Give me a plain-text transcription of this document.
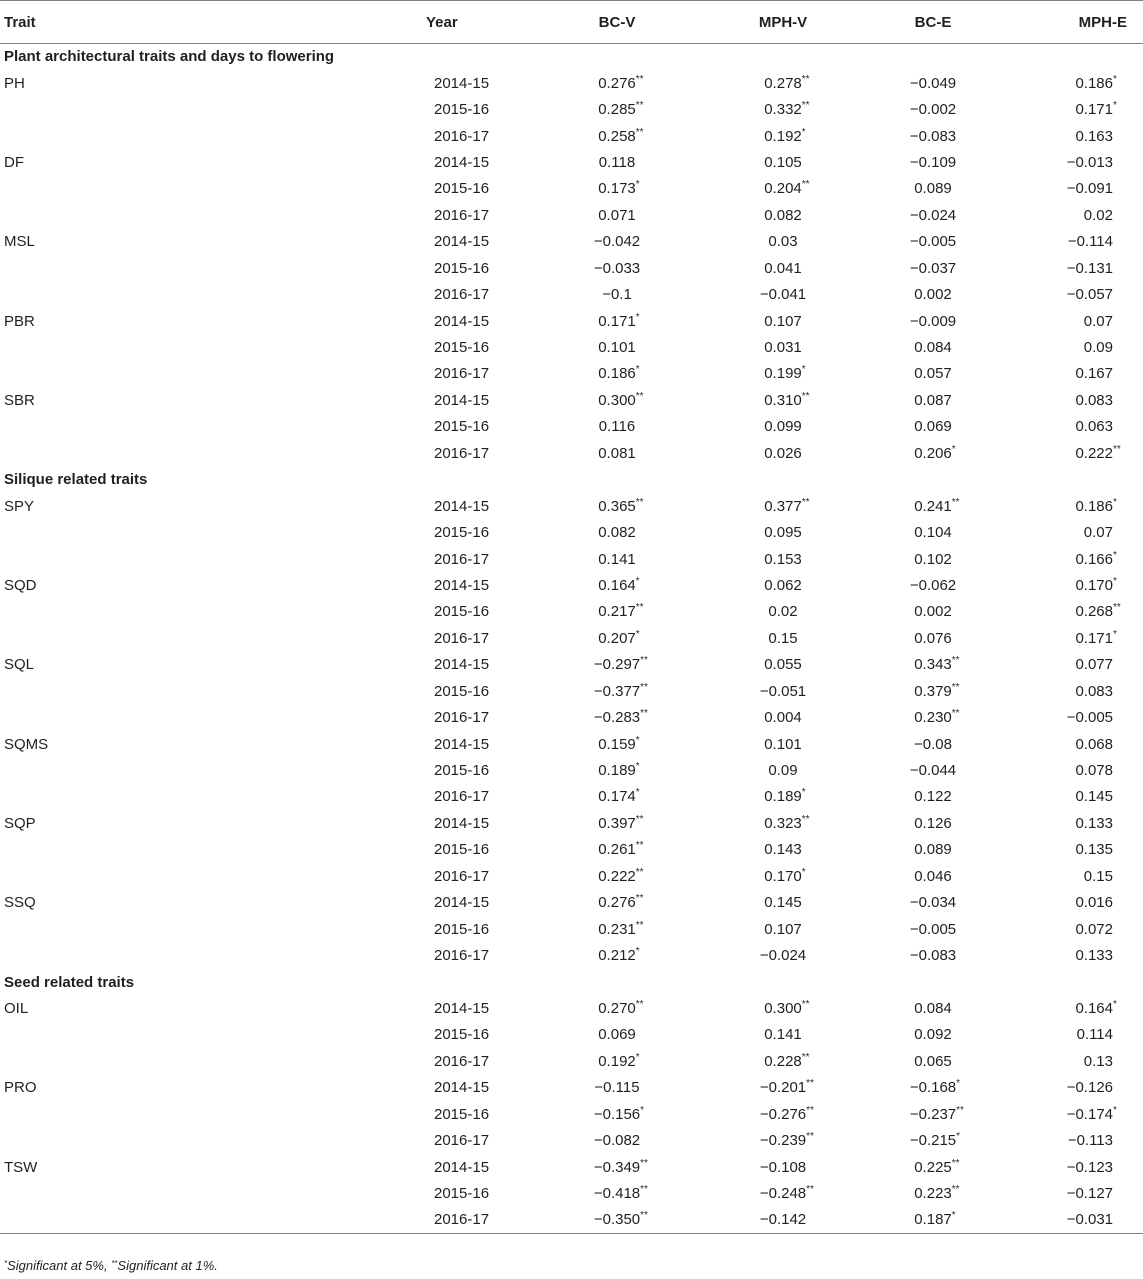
Trait	Year	BC-V	MPH-V	BC-E	MPH-E
Plant architectural traits and days to flowering					
PH	2014-15	0.276 **	0.278 **	−0.049	0.186 *

	2015-16	0.285 **	0.332 **	−0.002	0.171 *

	2016-17	0.258 **	0.192 *	−0.083	0.163
DF	2014-15	0.118	0.105	−0.109	−0.013
	2015-16	0.173 *	0.204 **	0.089	−0.091
	2016-17	0.071	0.082	−0.024	0.02
MSL	2014-15	−0.042	0.03	−0.005	−0.114
	2015-16	−0.033	0.041	−0.037	−0.131
	2016-17	−0.1	−0.041	0.002	−0.057
PBR	2014-15	0.171 *	0.107	−0.009	0.07
	2015-16	0.101	0.031	0.084	0.09
	2016-17	0.186 *	0.199 *	0.057	0.167
SBR	2014-15	0.300 **	0.310 **	0.087	0.083
	2015-16	0.116	0.099	0.069	0.063
	2016-17	0.081	0.026	0.206 *	0.222 **

Silique related traits					
SPY	2014-15	0.365 **	0.377 **	0.241 **	0.186 *

	2015-16	0.082	0.095	0.104	0.07
	2016-17	0.141	0.153	0.102	0.166 *

SQD	2014-15	0.164 *	0.062	−0.062	0.170 *

	2015-16	0.217 **	0.02	0.002	0.268 **

	2016-17	0.207 *	0.15	0.076	0.171 *

SQL	2014-15	−0.297 **	0.055	0.343 **	0.077
	2015-16	−0.377 **	−0.051	0.379 **	0.083
	2016-17	−0.283 **	0.004	0.230 **	−0.005
SQMS	2014-15	0.159 *	0.101	−0.08	0.068
	2015-16	0.189 *	0.09	−0.044	0.078
	2016-17	0.174 *	0.189 *	0.122	0.145
SQP	2014-15	0.397 **	0.323 **	0.126	0.133
	2015-16	0.261 **	0.143	0.089	0.135
	2016-17	0.222 **	0.170 *	0.046	0.15
SSQ	2014-15	0.276 **	0.145	−0.034	0.016
	2015-16	0.231 **	0.107	−0.005	0.072
	2016-17	0.212 *	−0.024	−0.083	0.133
Seed related traits					
OIL	2014-15	0.270 **	0.300 **	0.084	0.164 *

	2015-16	0.069	0.141	0.092	0.114
	2016-17	0.192 *	0.228 **	0.065	0.13
PRO	2014-15	−0.115	−0.201 **	−0.168 *	−0.126
	2015-16	−0.156 *	−0.276 **	−0.237 **	−0.174 *

	2016-17	−0.082	−0.239 **	−0.215 *	−0.113
TSW	2014-15	−0.349 **	−0.108	0.225 **	−0.123
	2015-16	−0.418 **	−0.248 **	0.223 **	−0.127
	2016-17	−0.350 **	−0.142	0.187 *	−0.031
*Significant at 5%, **Significant at 1%.
